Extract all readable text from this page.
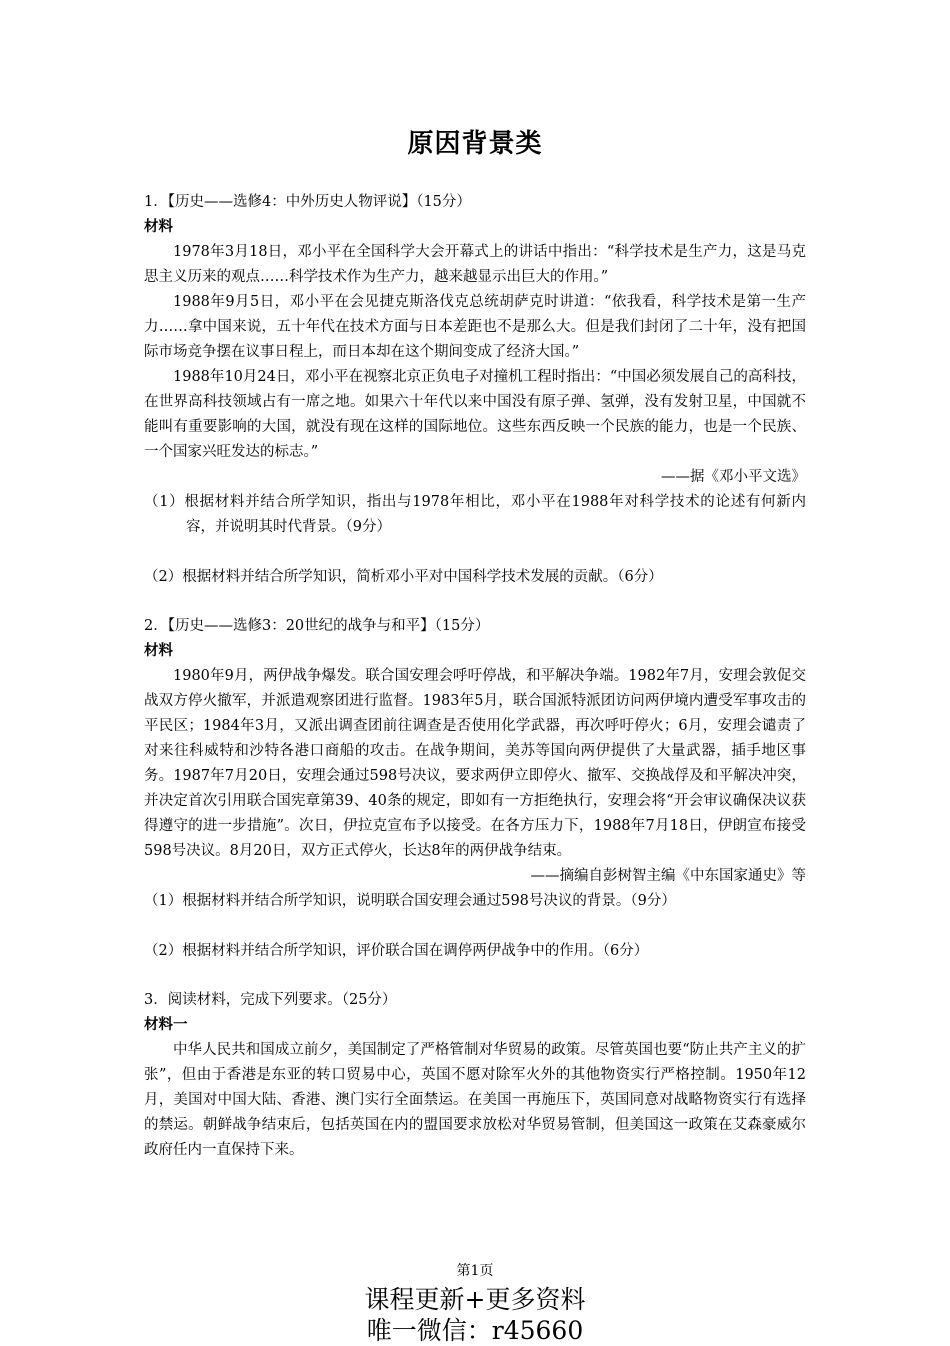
原因背景类

1．【历史——选修4：中外历史人物评说】（15分）

材料

1978年3月18日，邓小平在全国科学大会开幕式上的讲话中指出：“科学技术是生产力，这是马克思主义历来的观点……科学技术作为生产力，越来越显示出巨大的作用。”

1988年9月5日，邓小平在会见捷克斯洛伐克总统胡萨克时讲道：“依我看，科学技术是第一生产力……拿中国来说，五十年代在技术方面与日本差距也不是那么大。但是我们封闭了二十年，没有把国际市场竞争摆在议事日程上，而日本却在这个期间变成了经济大国。”

1988年10月24日，邓小平在视察北京正负电子对撞机工程时指出：“中国必须发展自己的高科技，在世界高科技领域占有一席之地。如果六十年代以来中国没有原子弹、氢弹，没有发射卫星，中国就不能叫有重要影响的大国，就没有现在这样的国际地位。这些东西反映一个民族的能力，也是一个民族、一个国家兴旺发达的标志。”

——据《邓小平文选》

（1）根据材料并结合所学知识，指出与1978年相比，邓小平在1988年对科学技术的论述有何新内容，并说明其时代背景。（9分）

（2）根据材料并结合所学知识，简析邓小平对中国科学技术发展的贡献。（6分）

2．【历史——选修3：20世纪的战争与和平】（15分）

材料

1980年9月，两伊战争爆发。联合国安理会呼吁停战，和平解决争端。1982年7月，安理会敦促交战双方停火撤军，并派遣观察团进行监督。1983年5月，联合国派特派团访问两伊境内遭受军事攻击的平民区；1984年3月，又派出调查团前往调查是否使用化学武器，再次呼吁停火；6月，安理会谴责了对来往科威特和沙特各港口商船的攻击。在战争期间，美苏等国向两伊提供了大量武器，插手地区事务。1987年7月20日，安理会通过598号决议，要求两伊立即停火、撤军、交换战俘及和平解决冲突，并决定首次引用联合国宪章第39、40条的规定，即如有一方拒绝执行，安理会将“开会审议确保决议获得遵守的进一步措施”。次日，伊拉克宣布予以接受。在各方压力下，1988年7月18日，伊朗宣布接受598号决议。8月20日，双方正式停火，长达8年的两伊战争结束。

——摘编自彭树智主编《中东国家通史》等

（1）根据材料并结合所学知识，说明联合国安理会通过598号决议的背景。（9分）

（2）根据材料并结合所学知识，评价联合国在调停两伊战争中的作用。（6分）

3．阅读材料，完成下列要求。（25分）

材料一

中华人民共和国成立前夕，美国制定了严格管制对华贸易的政策。尽管英国也要“防止共产主义的扩张”，但由于香港是东亚的转口贸易中心，英国不愿对除军火外的其他物资实行严格控制。1950年12月，美国对中国大陆、香港、澳门实行全面禁运。在美国一再施压下，英国同意对战略物资实行有选择的禁运。朝鲜战争结束后，包括英国在内的盟国要求放松对华贸易管制，但美国这一政策在艾森豪威尔政府任内一直保持下来。

第1页
课程更新+更多资料
唯一微信：r45660
